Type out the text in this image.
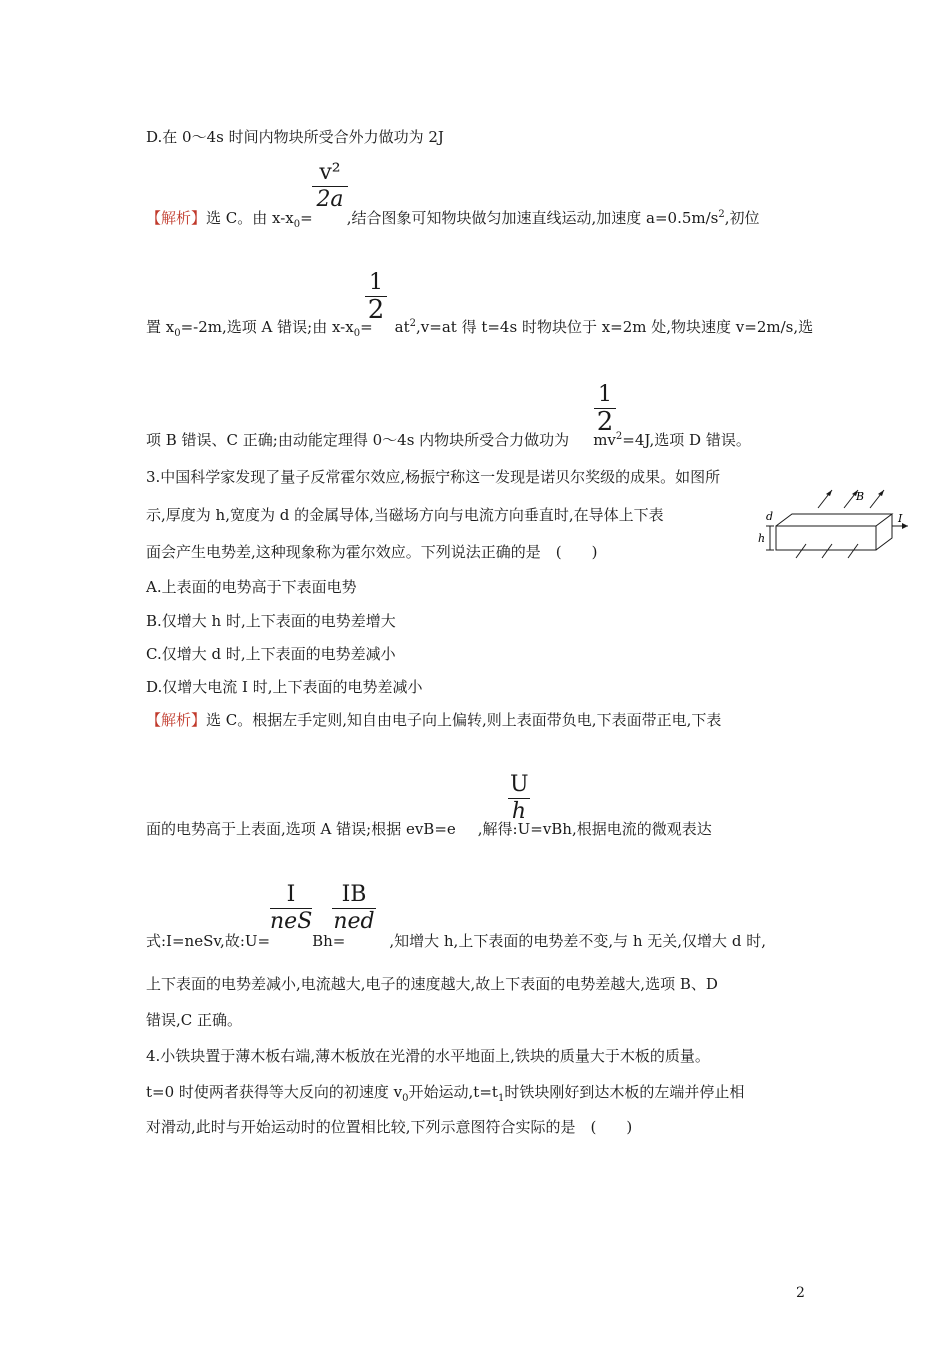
D.在 0～4s 时间内物块所受合外力做功为 2J
$\frac{\text{v²}}{2a}$
【解析】选 C。由 $x-x_0=$ ,结合图象可知物块做匀加速直线运动,加速度 $a=0.5m/s^2$,初位
1
2
置 $x_0=-2m$,选项 A 错误;由 $x-x_0= at^2,v=at$ 得 t=4s 时物块位于 x=2m 处,物块速度 v=2m/s,选
1
2
项 B 错误、C 正确;由动能定理得 0～4s 内物块所受合力做功为 $mv^2=4J$,选项 D 错误。
3.中国科学家发现了量子反常霍尔效应,杨振宁称这一发现是诺贝尔奖级的成果。如图所
示,厚度为 h,宽度为 d 的金属导体,当磁场方向与电流方向垂直时,在导体上下表
面会产生电势差,这种现象称为霍尔效应。下列说法正确的是　(　　)
B
d
h
I
A.上表面的电势高于下表面电势
B.仅增大 h 时,上下表面的电势差增大
C.仅增大 d 时,上下表面的电势差减小
D.仅增大电流 I 时,上下表面的电势差减小
【解析】选 C。根据左手定则,知自由电子向上偏转,则上表面带负电,下表面带正电,下表
$\frac{U}{h}$
面的电势高于上表面,选项 A 错误;根据 evB=e ,解得:U=vBh,根据电流的微观表达
I
neS
IB
ned
式:I=neSv,故:U=	Bh=	,知增大 h,上下表面的电势差不变,与 h 无关,仅增大 d 时,
上下表面的电势差减小,电流越大,电子的速度越大,故上下表面的电势差越大,选项 B、D
错误,C 正确。
4.小铁块置于薄木板右端,薄木板放在光滑的水平地面上,铁块的质量大于木板的质量。
t=0 时使两者获得等大反向的初速度 $v_0$开始运动$,t=t_1$时铁块刚好到达木板的左端并停止相
对滑动,此时与开始运动时的位置相比较,下列示意图符合实际的是　(　　)
2
